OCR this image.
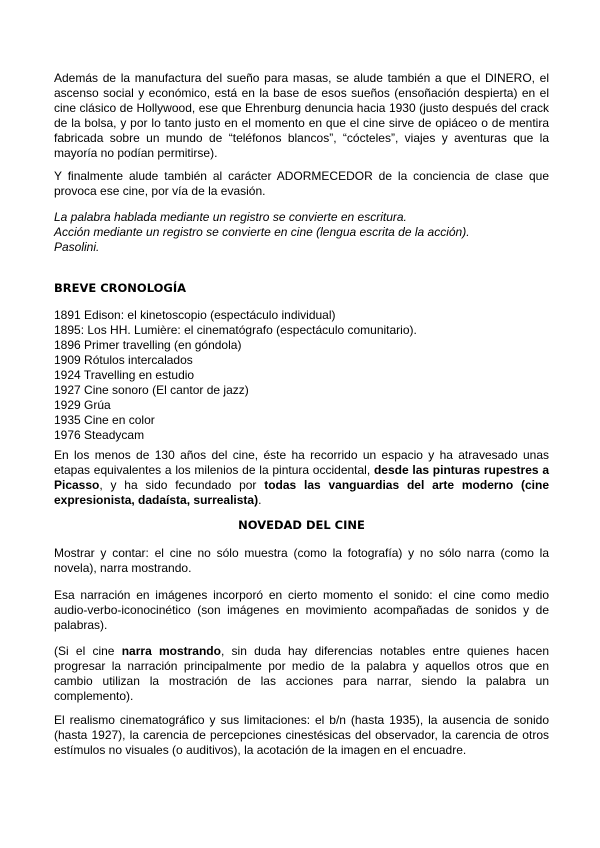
Además de la manufactura del sueño para masas, se alude también a que el DINERO, el ascenso social y económico, está en la base de esos sueños (ensoñación despierta) en el cine clásico de Hollywood, ese que Ehrenburg denuncia hacia 1930 (justo después del crack de la bolsa, y por lo tanto justo en el momento en que el cine sirve de opiáceo o de mentira fabricada sobre un mundo de “teléfonos blancos”, “cócteles”, viajes y aventuras que la mayoría no podían permitirse).

Y finalmente alude también al carácter ADORMECEDOR de la conciencia de clase que provoca ese cine, por vía de la evasión.

La palabra hablada mediante un registro se convierte en escritura.
Acción mediante un registro se convierte en cine (lengua escrita de la acción).
Pasolini.
BREVE CRONOLOGÍA
1891 Edison: el kinetoscopio (espectáculo individual)
1895: Los HH. Lumière: el cinematógrafo (espectáculo comunitario).
1896 Primer travelling (en góndola)
1909 Rótulos intercalados
1924 Travelling en estudio
1927 Cine sonoro (El cantor de jazz)
1929 Grúa
1935 Cine en color
1976 Steadycam

En los menos de 130 años del cine, éste ha recorrido un espacio y ha atravesado unas etapas equivalentes a los milenios de la pintura occidental, desde las pinturas rupestres a Picasso, y ha sido fecundado por todas las vanguardias del arte moderno (cine expresionista, dadaísta, surrealista).

NOVEDAD DEL CINE

Mostrar y contar: el cine no sólo muestra (como la fotografía) y no sólo narra (como la novela), narra mostrando.

Esa narración en imágenes incorporó en cierto momento el sonido: el cine como medio audio-verbo-iconocinético (son imágenes en movimiento acompañadas de sonidos y de palabras).

(Si el cine narra mostrando, sin duda hay diferencias notables entre quienes hacen progresar la narración principalmente por medio de la palabra y aquellos otros que en cambio utilizan la mostración de las acciones para narrar, siendo la palabra un complemento).

El realismo cinematográfico y sus limitaciones: el b/n (hasta 1935), la ausencia de sonido (hasta 1927), la carencia de percepciones cinestésicas del observador, la carencia de otros estímulos no visuales (o auditivos), la acotación de la imagen en el encuadre.
